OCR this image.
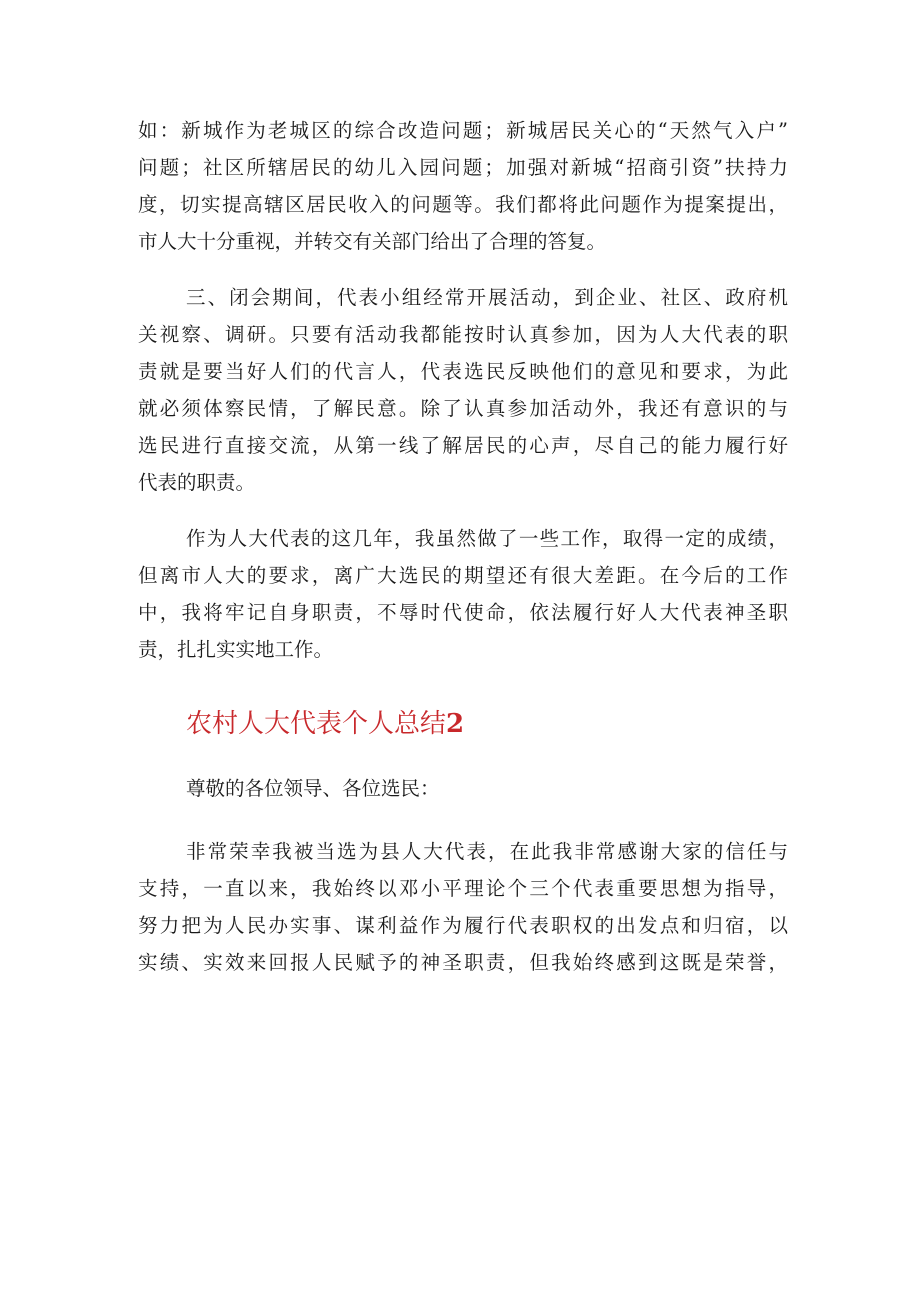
如：新城作为老城区的综合改造问题；新城居民关心的“天然气入户”
问题；社区所辖居民的幼儿入园问题；加强对新城“招商引资”扶持力
度，切实提高辖区居民收入的问题等。我们都将此问题作为提案提出，
市人大十分重视，并转交有关部门给出了合理的答复。
三、闭会期间，代表小组经常开展活动，到企业、社区、政府机
关视察、调研。只要有活动我都能按时认真参加，因为人大代表的职
责就是要当好人们的代言人，代表选民反映他们的意见和要求，为此
就必须体察民情，了解民意。除了认真参加活动外，我还有意识的与
选民进行直接交流，从第一线了解居民的心声，尽自己的能力履行好
代表的职责。
作为人大代表的这几年，我虽然做了一些工作，取得一定的成绩，
但离市人大的要求，离广大选民的期望还有很大差距。在今后的工作
中，我将牢记自身职责，不辱时代使命，依法履行好人大代表神圣职
责，扎扎实实地工作。
农村人大代表个人总结2
尊敬的各位领导、各位选民：
非常荣幸我被当选为县人大代表，在此我非常感谢大家的信任与
支持，一直以来，我始终以邓小平理论个三个代表重要思想为指导，
努力把为人民办实事、谋利益作为履行代表职权的出发点和归宿，以
实绩、实效来回报人民赋予的神圣职责，但我始终感到这既是荣誉，
